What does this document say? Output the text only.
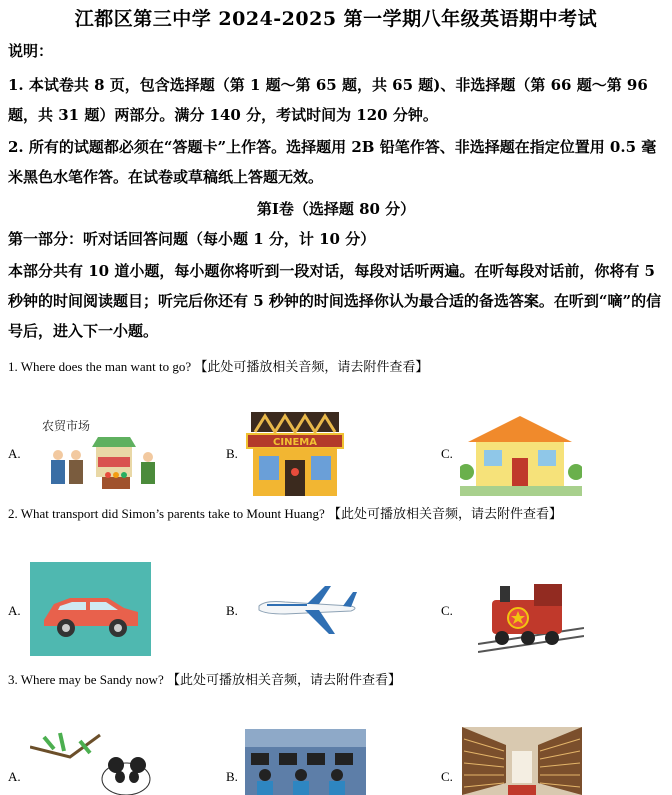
江都区第三中学 2024-2025 第一学期八年级英语期中考试
说明：
1. 本试卷共 8 页，包含选择题（第 1 题～第 65 题，共 65 题)、非选择题（第 66 题～第 96 题，共 31 题）两部分。满分 140 分，考试时间为 120 分钟。
2. 所有的试题都必须在“答题卡”上作答。选择题用 2B 铅笔作答、非选择题在指定位置用 0.5 毫米黑色水笔作答。在试卷或草稿纸上答题无效。
第Ⅰ卷（选择题 80 分）
第一部分：听对话回答问题（每小题 1 分，计 10 分）
本部分共有 10 道小题，每小题你将听到一段对话，每段对话听两遍。在听每段对话前，你将有 5 秒钟的时间阅读题目；听完后你还有 5 秒钟的时间选择你认为最合适的备选答案。在听到“嘀”的信号后，进入下一小题。
1. Where does the man want to go? 【此处可播放相关音频，请去附件查看】
A.
农贸市场
B.
CINEMA
C.
2. What transport did Simon’s parents take to Mount Huang? 【此处可播放相关音频，请去附件查看】
A.	B.	C.
3. Where may be Sandy now? 【此处可播放相关音频，请去附件查看】
A.	B.	C.
